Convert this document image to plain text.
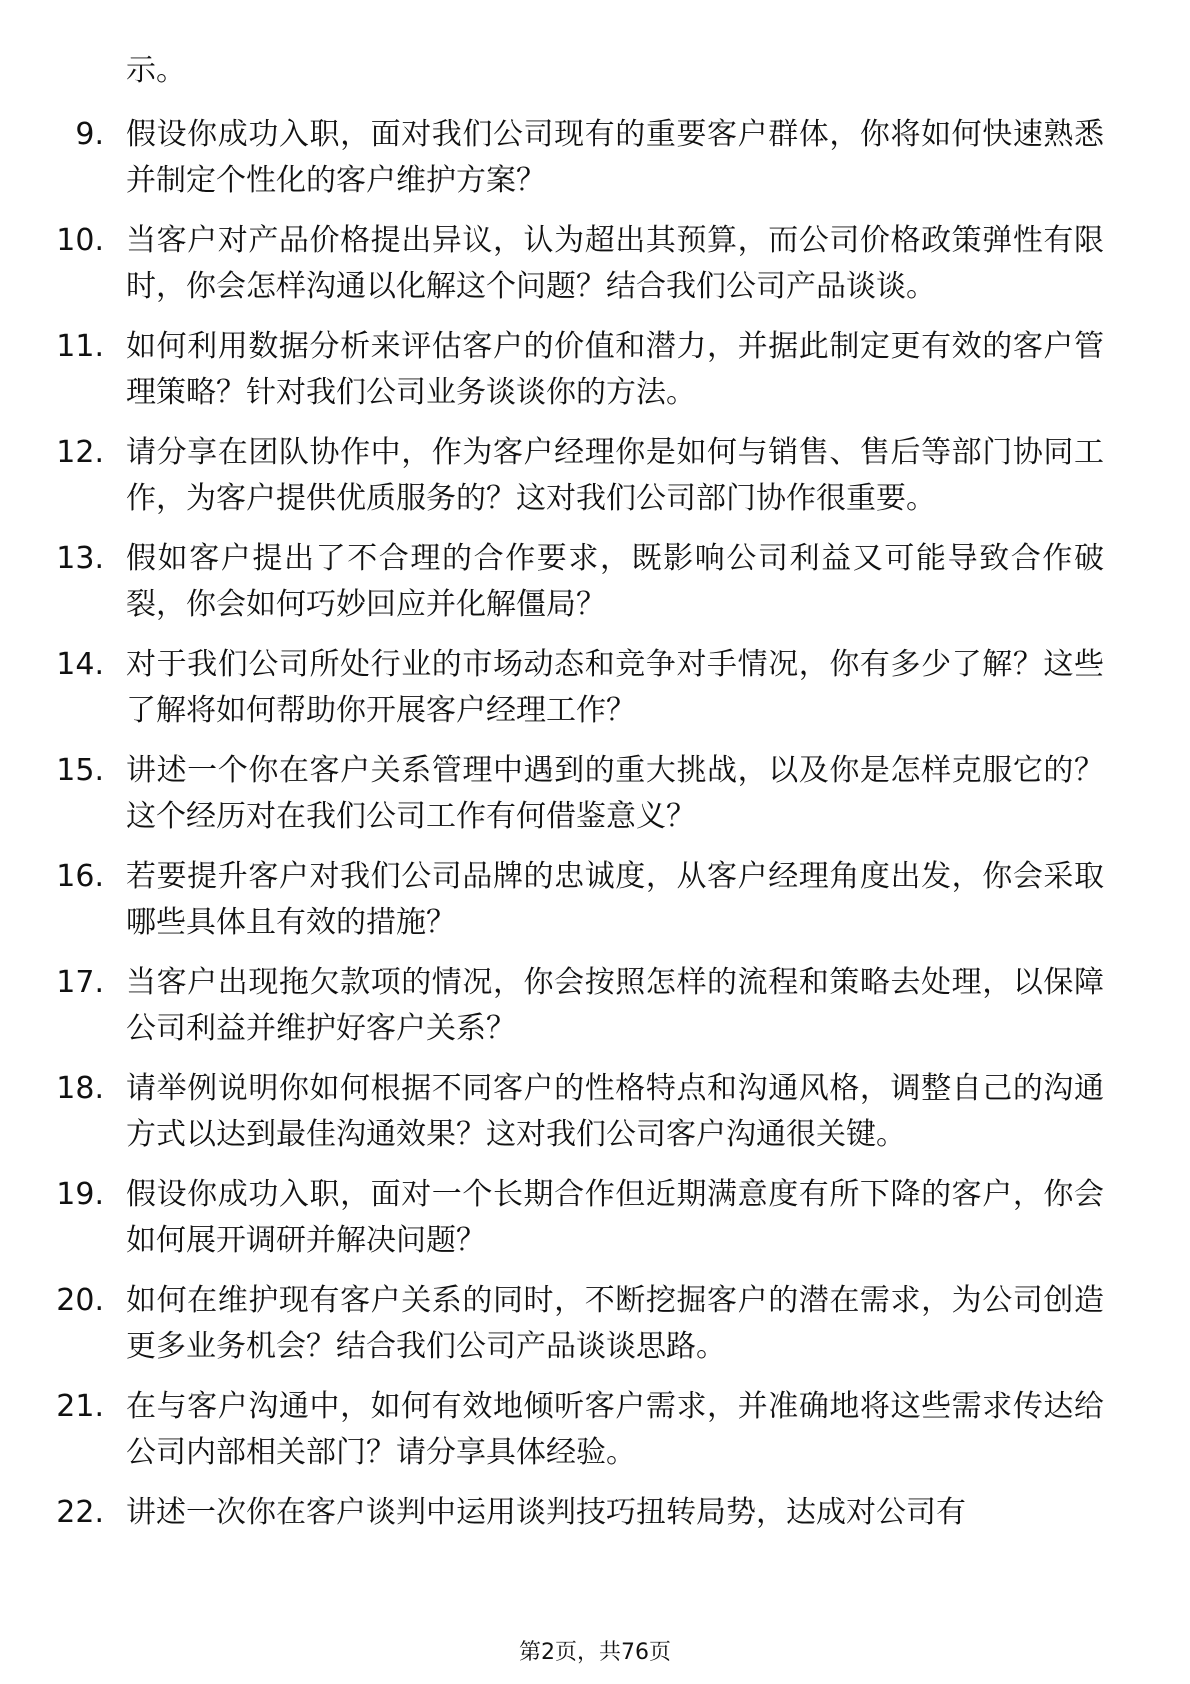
示。
9. 假设你成功入职，面对我们公司现有的重要客户群体，你将如何快速熟悉并制定个性化的客户维护方案？
10. 当客户对产品价格提出异议，认为超出其预算，而公司价格政策弹性有限时，你会怎样沟通以化解这个问题？结合我们公司产品谈谈。
11. 如何利用数据分析来评估客户的价值和潜力，并据此制定更有效的客户管理策略？针对我们公司业务谈谈你的方法。
12. 请分享在团队协作中，作为客户经理你是如何与销售、售后等部门协同工作，为客户提供优质服务的？这对我们公司部门协作很重要。
13. 假如客户提出了不合理的合作要求，既影响公司利益又可能导致合作破裂，你会如何巧妙回应并化解僵局？
14. 对于我们公司所处行业的市场动态和竞争对手情况，你有多少了解？这些了解将如何帮助你开展客户经理工作？
15. 讲述一个你在客户关系管理中遇到的重大挑战，以及你是怎样克服它的？这个经历对在我们公司工作有何借鉴意义？
16. 若要提升客户对我们公司品牌的忠诚度，从客户经理角度出发，你会采取哪些具体且有效的措施？
17. 当客户出现拖欠款项的情况，你会按照怎样的流程和策略去处理，以保障公司利益并维护好客户关系？
18. 请举例说明你如何根据不同客户的性格特点和沟通风格，调整自己的沟通方式以达到最佳沟通效果？这对我们公司客户沟通很关键。
19. 假设你成功入职，面对一个长期合作但近期满意度有所下降的客户，你会如何展开调研并解决问题？
20. 如何在维护现有客户关系的同时，不断挖掘客户的潜在需求，为公司创造更多业务机会？结合我们公司产品谈谈思路。
21. 在与客户沟通中，如何有效地倾听客户需求，并准确地将这些需求传达给公司内部相关部门？请分享具体经验。
22. 讲述一次你在客户谈判中运用谈判技巧扭转局势，达成对公司有
第2页，共76页
